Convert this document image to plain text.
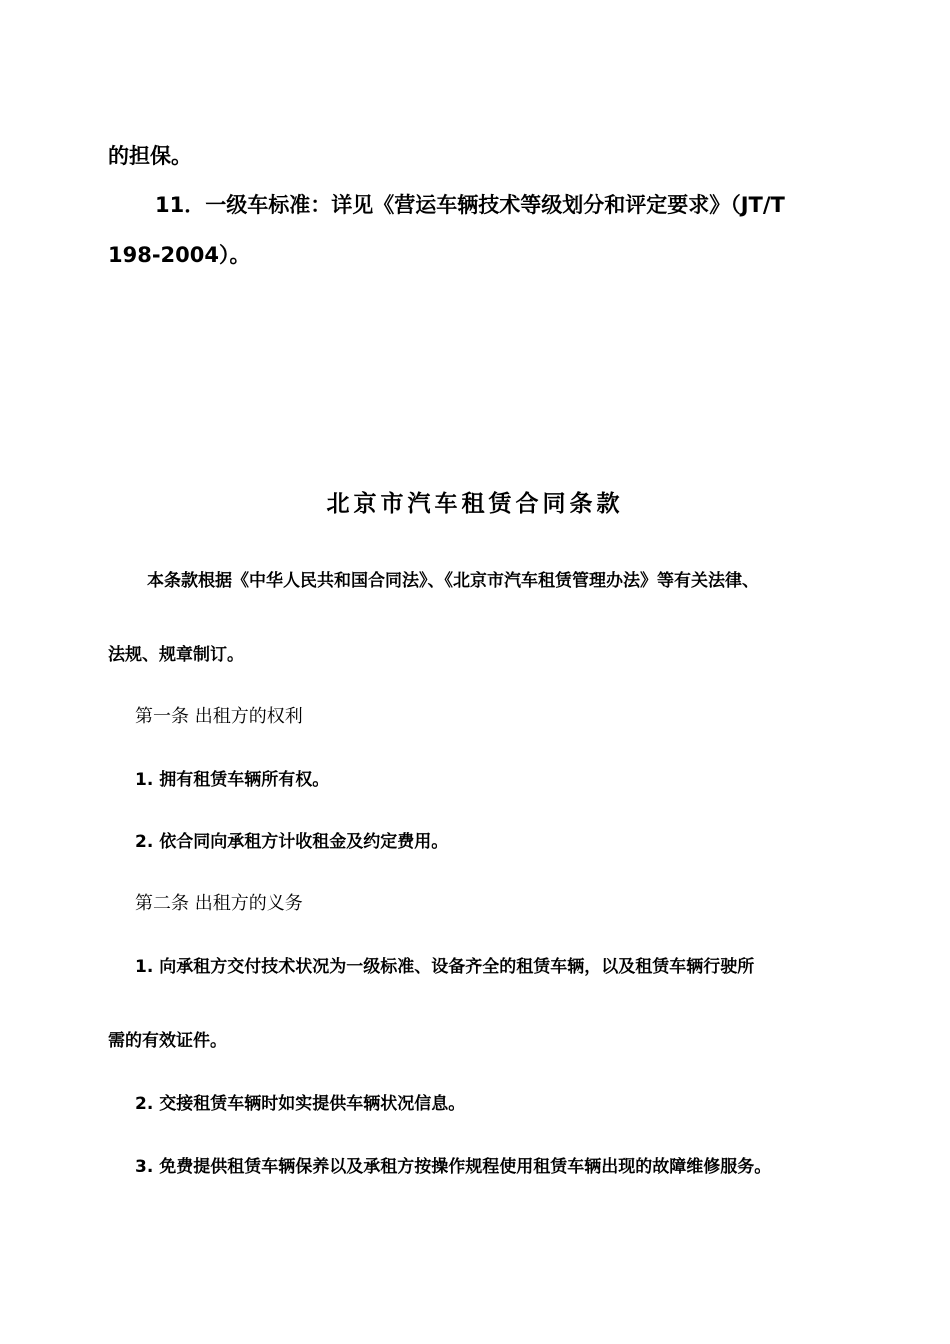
的担保。

11．一级车标准：详见《营运车辆技术等级划分和评定要求》（JT/T

198-2004）。

北京市汽车租赁合同条款

本条款根据《中华人民共和国合同法》、《北京市汽车租赁管理办法》等有关法律、

法规、规章制订。

第一条 出租方的权利

1. 拥有租赁车辆所有权。

2. 依合同向承租方计收租金及约定费用。

第二条 出租方的义务

1. 向承租方交付技术状况为一级标准、设备齐全的租赁车辆，以及租赁车辆行驶所

需的有效证件。

2. 交接租赁车辆时如实提供车辆状况信息。

3. 免费提供租赁车辆保养以及承租方按操作规程使用租赁车辆出现的故障维修服务。
